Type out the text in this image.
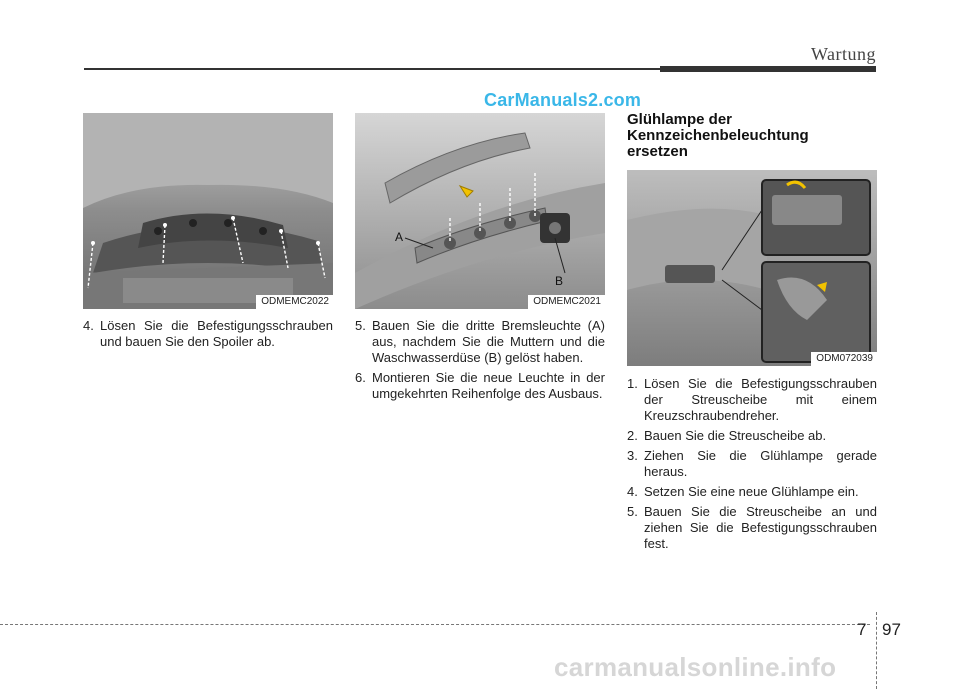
Wartung
CarManuals2.com
ODMEMC2022
A
B
ODMEMC2021
4. Lösen Sie die Befestigungsschrauben und bauen Sie den Spoiler ab.
5. Bauen Sie die dritte Bremsleuchte (A) aus, nachdem Sie die Muttern und die Waschwasserdüse (B) gelöst haben.
6. Montieren Sie die neue Leuchte in der umgekehrten Reihenfolge des Ausbaus.
Glühlampe der
Kennzeichenbeleuchtung
ersetzen
ODM072039
1. Lösen Sie die Befestigungsschrauben der Streuscheibe mit einem Kreuzschraubendreher.
2. Bauen Sie die Streuscheibe ab.
3. Ziehen Sie die Glühlampe gerade heraus.
4. Setzen Sie eine neue Glühlampe ein.
5. Bauen Sie die Streuscheibe an und ziehen Sie die Befestigungsschrauben fest.
7 97
carmanualsonline.info
